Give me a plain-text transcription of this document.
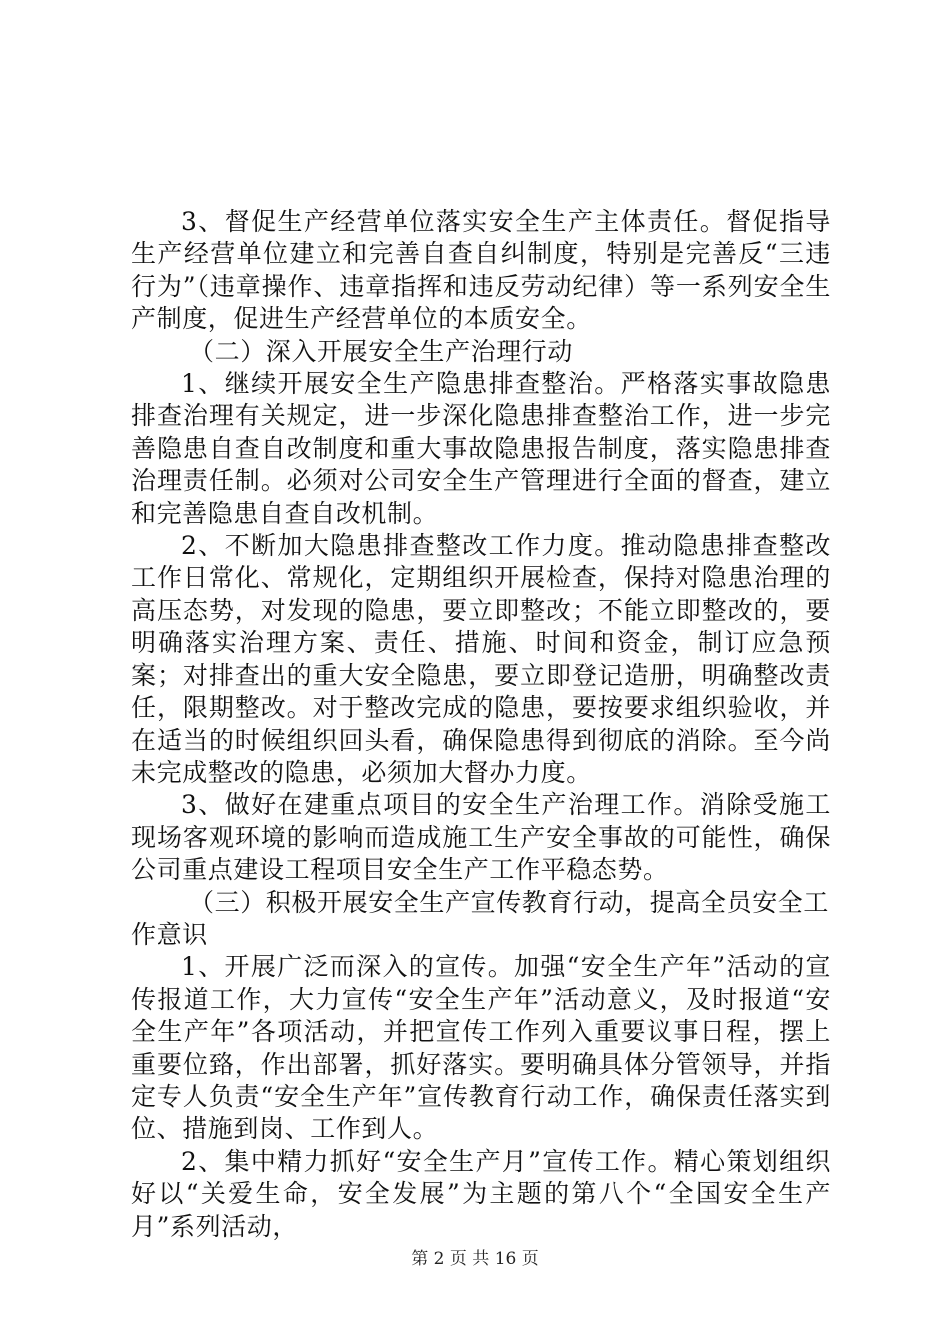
3、督促生产经营单位落实安全生产主体责任。督促指导生产经营单位建立和完善自查自纠制度，特别是完善反“三违行为”（违章操作、违章指挥和违反劳动纪律）等一系列安全生产制度，促进生产经营单位的本质安全。

（二）深入开展安全生产治理行动

1、继续开展安全生产隐患排查整治。严格落实事故隐患排查治理有关规定，进一步深化隐患排查整治工作，进一步完善隐患自查自改制度和重大事故隐患报告制度，落实隐患排查治理责任制。必须对公司安全生产管理进行全面的督查，建立和完善隐患自查自改机制。

2、不断加大隐患排查整改工作力度。推动隐患排查整改工作日常化、常规化，定期组织开展检查，保持对隐患治理的高压态势，对发现的隐患，要立即整改；不能立即整改的，要明确落实治理方案、责任、措施、时间和资金，制订应急预案；对排查出的重大安全隐患，要立即登记造册，明确整改责任，限期整改。对于整改完成的隐患，要按要求组织验收，并在适当的时候组织回头看，确保隐患得到彻底的消除。至今尚未完成整改的隐患，必须加大督办力度。

3、做好在建重点项目的安全生产治理工作。消除受施工现场客观环境的影响而造成施工生产安全事故的可能性，确保公司重点建设工程项目安全生产工作平稳态势。

（三）积极开展安全生产宣传教育行动，提高全员安全工作意识

1、开展广泛而深入的宣传。加强“安全生产年”活动的宣传报道工作，大力宣传“安全生产年”活动意义，及时报道“安全生产年”各项活动，并把宣传工作列入重要议事日程，摆上重要位臵，作出部署，抓好落实。要明确具体分管领导，并指定专人负责“安全生产年”宣传教育行动工作，确保责任落实到位、措施到岗、工作到人。

2、集中精力抓好“安全生产月”宣传工作。精心策划组织好以“关爱生命，安全发展”为主题的第八个“全国安全生产月”系列活动，

第 2 页 共 16 页
